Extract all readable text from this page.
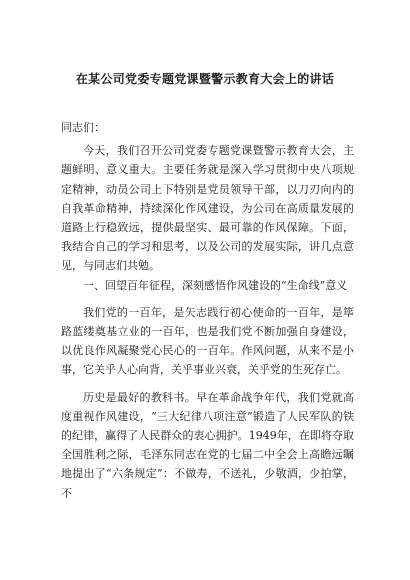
在某公司党委专题党课暨警示教育大会上的讲话

同志们：

今天，我们召开公司党委专题党课暨警示教育大会，主题鲜明、意义重大。主要任务就是深入学习贯彻中央八项规定精神，动员公司上下特别是党员领导干部，以刀刃向内的自我革命精神，持续深化作风建设，为公司在高质量发展的道路上行稳致远，提供最坚实、最可靠的作风保障。下面，我结合自己的学习和思考，以及公司的发展实际，讲几点意见，与同志们共勉。

一、回望百年征程，深刻感悟作风建设的“生命线”意义

我们党的一百年，是矢志践行初心使命的一百年，是筚路蓝缕奠基立业的一百年，也是我们党不断加强自身建设，以优良作风凝聚党心民心的一百年。作风问题，从来不是小事，它关乎人心向背，关乎事业兴衰，关乎党的生死存亡。

历史是最好的教科书。早在革命战争年代，我们党就高度重视作风建设，“三大纪律八项注意”锻造了人民军队的铁的纪律，赢得了人民群众的衷心拥护。1949年，在即将夺取全国胜利之际，毛泽东同志在党的七届二中全会上高瞻远瞩地提出了“六条规定”：不做寿，不送礼，少敬酒，少拍掌，不
